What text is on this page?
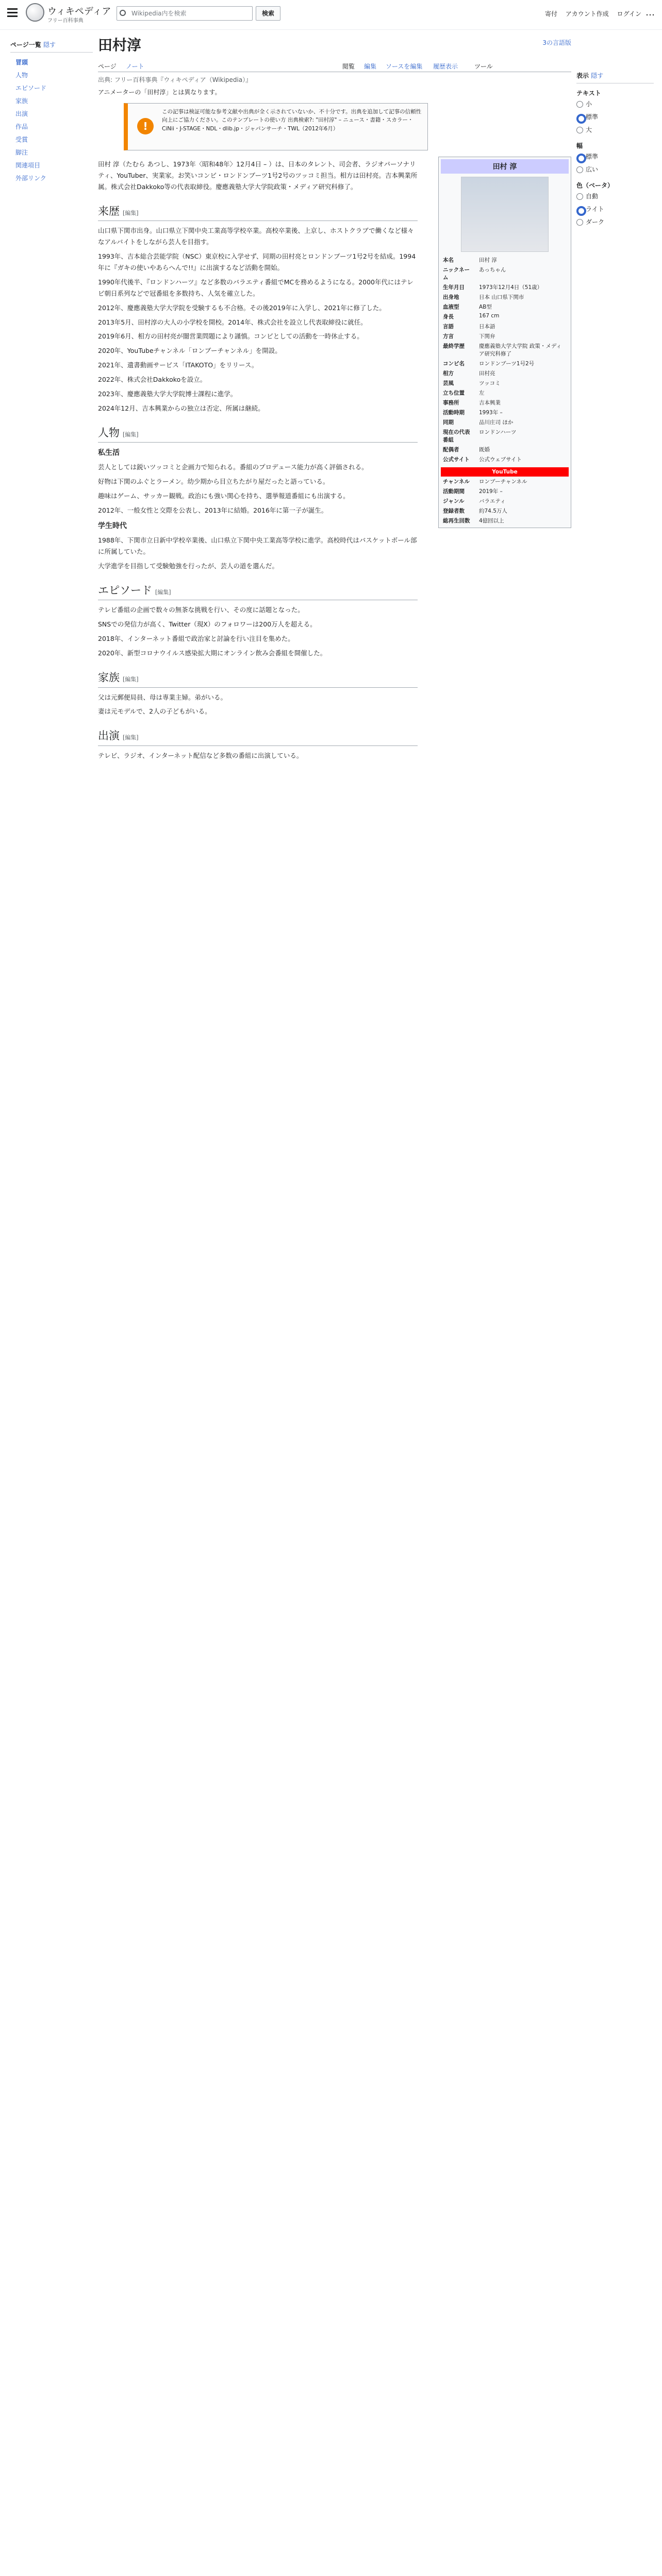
ウィキペディア
フリー百科事典
Wikipedia内を検索	検索	寄付 アカウント作成 ログイン …
ページ一覧 隠す
冒頭
人物
エピソード
家族
出演
作品
受賞
脚注
関連項目
外部リンク
田村淳	3の言語版
ページ ノート	閲覧 編集 ソースを編集 履歴表示	ツール
出典: フリー百科事典『ウィキペディア（Wikipedia）』
アニメーターの「田村淳」とは異なります。
!
この記事は検証可能な参考文献や出典が全く示されていないか、不十分です。出典を追加して記事の信頼性向上にご協力ください。このテンプレートの使い方 出典検索?: "田村淳" – ニュース・書籍・スカラー・CiNii・J-STAGE・NDL・dlib.jp・ジャパンサーチ・TWL（2012年6月）
田村 淳
本名	田村 淳
ニックネーム	あっちゃん
生年月日	1973年12月4日（51歳）
出身地	日本 山口県下関市
血液型	AB型
身長	167 cm
言語	日本語
方言	下関弁
最終学歴	慶應義塾大学大学院 政策・メディア研究科修了
コンビ名	ロンドンブーツ1号2号
相方	田村亮
芸風	ツッコミ
立ち位置	左
事務所	吉本興業
活動時期	1993年 –
同期	品川庄司 ほか
現在の代表番組	ロンドンハーツ
配偶者	既婚
公式サイト	公式ウェブサイト
YouTube
チャンネル	ロンブーチャンネル
活動期間	2019年 –
ジャンル	バラエティ
登録者数	約74.5万人
総再生回数	4億回以上

田村 淳（たむら あつし、1973年〈昭和48年〉12月4日 – ）は、日本のタレント、司会者、ラジオパーソナリティ、YouTuber、実業家。お笑いコンビ・ロンドンブーツ1号2号のツッコミ担当。相方は田村亮。吉本興業所属。株式会社Dakkoko等の代表取締役。慶應義塾大学大学院政策・メディア研究科修了。

来歴 [編集]

山口県下関市出身。山口県立下関中央工業高等学校卒業。高校卒業後、上京し、ホストクラブで働くなど様々なアルバイトをしながら芸人を目指す。

1993年、吉本総合芸能学院（NSC）東京校に入学せず、同期の田村亮とロンドンブーツ1号2号を結成。1994年に『ガキの使いやあらへんで!!』に出演するなど活動を開始。

1990年代後半、『ロンドンハーツ』など多数のバラエティ番組でMCを務めるようになる。2000年代にはテレビ朝日系列などで冠番組を多数持ち、人気を確立した。

2012年、慶應義塾大学大学院を受験するも不合格。その後2019年に入学し、2021年に修了した。

2013年5月、田村淳の大人の小学校を開校。2014年、株式会社を設立し代表取締役に就任。

2019年6月、相方の田村亮が闇営業問題により謹慎。コンビとしての活動を一時休止する。

2020年、YouTubeチャンネル「ロンブーチャンネル」を開設。

2021年、遺書動画サービス「ITAKOTO」をリリース。

2022年、株式会社Dakkokoを設立。

2023年、慶應義塾大学大学院博士課程に進学。

2024年12月、吉本興業からの独立は否定、所属は継続。

人物 [編集]
私生活

芸人としては鋭いツッコミと企画力で知られる。番組のプロデュース能力が高く評価される。

好物は下関のふぐとラーメン。幼少期から目立ちたがり屋だったと語っている。

趣味はゲーム、サッカー観戦。政治にも強い関心を持ち、選挙報道番組にも出演する。

2012年、一般女性と交際を公表し、2013年に結婚。2016年に第一子が誕生。

学生時代

1988年、下関市立日新中学校卒業後、山口県立下関中央工業高等学校に進学。高校時代はバスケットボール部に所属していた。

大学進学を目指して受験勉強を行ったが、芸人の道を選んだ。

エピソード [編集]

テレビ番組の企画で数々の無茶な挑戦を行い、その度に話題となった。

SNSでの発信力が高く、Twitter（現X）のフォロワーは200万人を超える。

2018年、インターネット番組で政治家と討論を行い注目を集めた。

2020年、新型コロナウイルス感染拡大期にオンライン飲み会番組を開催した。

家族 [編集]

父は元郵便局員、母は専業主婦。弟がいる。

妻は元モデルで、2人の子どもがいる。

出演 [編集]

テレビ、ラジオ、インターネット配信など多数の番組に出演している。

表示 隠す
テキスト
小
標準
大
幅
標準
広い
色（ベータ）
自動
ライト
ダーク
